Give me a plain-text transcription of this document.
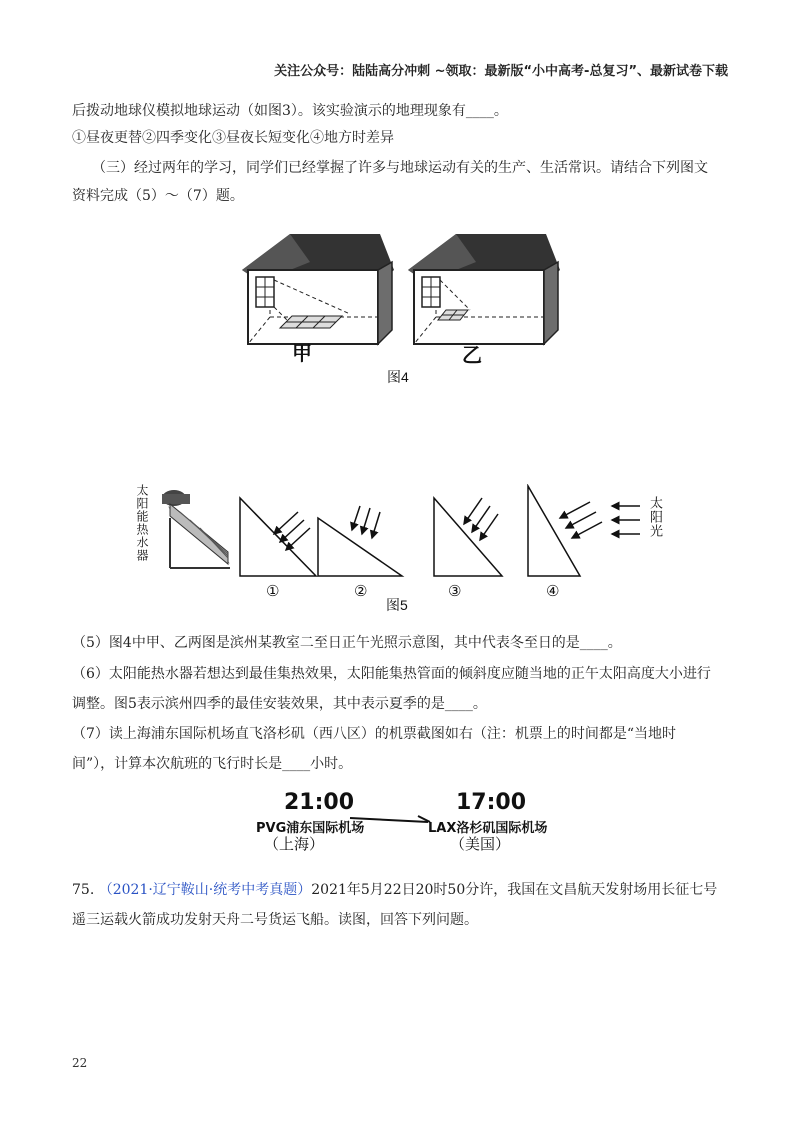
关注公众号：陆陆高分冲刺 ~领取：最新版“小中高考-总复习”、最新试卷下载
后拨动地球仪模拟地球运动（如图3）。该实验演示的地理现象有____。
①昼夜更替②四季变化③昼夜长短变化④地方时差异
（三）经过两年的学习，同学们已经掌握了许多与地球运动有关的生产、生活常识。请结合下列图文
资料完成（5）～（7）题。
甲	乙
图4
太阳能热水器	太阳光
①	②	③	④
图5
（5）图4中甲、乙两图是滨州某教室二至日正午光照示意图，其中代表冬至日的是____。
（6）太阳能热水器若想达到最佳集热效果，太阳能集热管面的倾斜度应随当地的正午太阳高度大小进行
调整。图5表示滨州四季的最佳安装效果，其中表示夏季的是____。
（7）读上海浦东国际机场直飞洛杉矶（西八区）的机票截图如右（注：机票上的时间都是“当地时
间”），计算本次航班的飞行时长是____小时。
21:00
PVG浦东国际机场
（上海）
17:00
LAX洛杉矶国际机场
（美国）
75. （2021·辽宁鞍山·统考中考真题）2021年5月22日20时50分许，我国在文昌航天发射场用长征七号
遥三运载火箭成功发射天舟二号货运飞船。读图，回答下列问题。
22
